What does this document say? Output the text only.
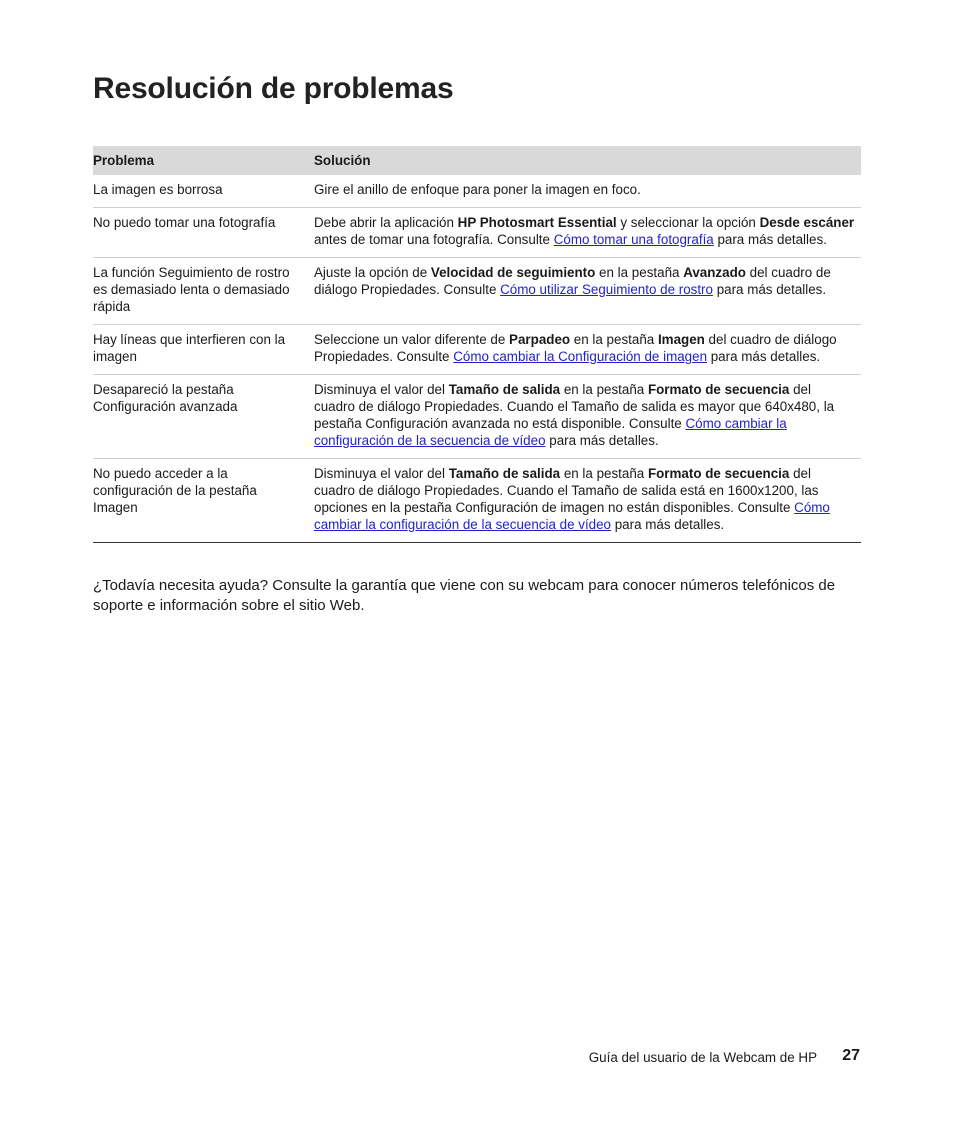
Resolución de problemas
Problema	Solución
La imagen es borrosa	Gire el anillo de enfoque para poner la imagen en foco.
No puedo tomar una fotografía	Debe abrir la aplicación HP Photosmart Essential y seleccionar la opción Desde escáner antes de tomar una fotografía. Consulte Cómo tomar una fotografía para más detalles.
La función Seguimiento de rostro es demasiado lenta o demasiado rápida	Ajuste la opción de Velocidad de seguimiento en la pestaña Avanzado del cuadro de diálogo Propiedades. Consulte Cómo utilizar Seguimiento de rostro para más detalles.
Hay líneas que interfieren con la imagen	Seleccione un valor diferente de Parpadeo en la pestaña Imagen del cuadro de diálogo Propiedades. Consulte Cómo cambiar la Configuración de imagen para más detalles.
Desapareció la pestaña Configuración avanzada	Disminuya el valor del Tamaño de salida en la pestaña Formato de secuencia del cuadro de diálogo Propiedades. Cuando el Tamaño de salida es mayor que 640x480, la pestaña Configuración avanzada no está disponible. Consulte Cómo cambiar la configuración de la secuencia de vídeo para más detalles.
No puedo acceder a la configuración de la pestaña Imagen	Disminuya el valor del Tamaño de salida en la pestaña Formato de secuencia del cuadro de diálogo Propiedades. Cuando el Tamaño de salida está en 1600x1200, las opciones en la pestaña Configuración de imagen no están disponibles. Consulte Cómo cambiar la configuración de la secuencia de vídeo para más detalles.

¿Todavía necesita ayuda? Consulte la garantía que viene con su webcam para conocer números telefónicos de soporte e información sobre el sitio Web.

Guía del usuario de la Webcam de HP 27
